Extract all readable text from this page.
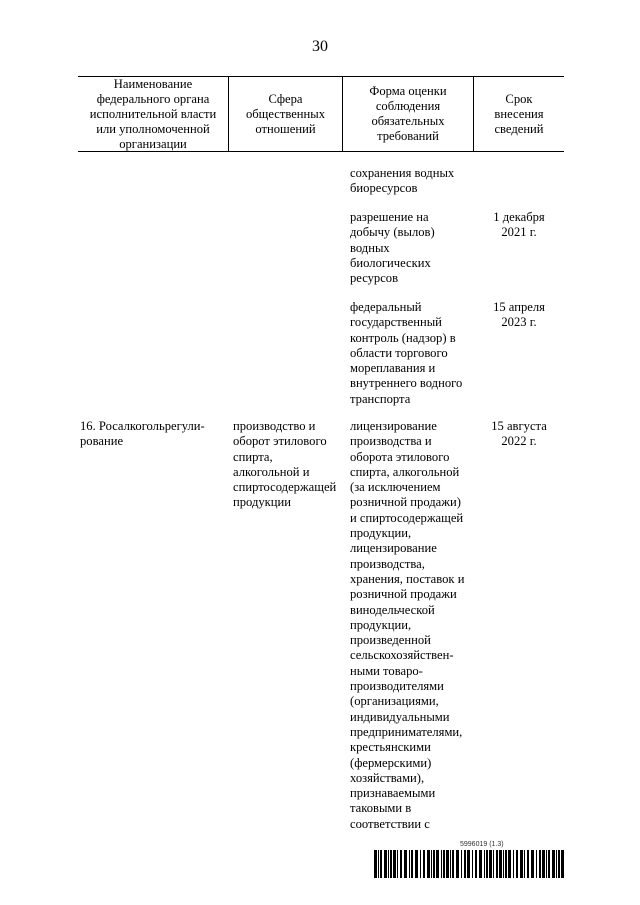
30
Наименование
федерального органа
исполнительной власти
или уполномоченной
организации
Сфера
общественных
отношений
Форма оценки
соблюдения
обязательных
требований
Срок
внесения
сведений
сохранения водных
биоресурсов
разрешение на
добычу (вылов)
водных
биологических
ресурсов
1 декабря
2021 г.
федеральный
государственный
контроль (надзор) в
области торгового
мореплавания и
внутреннего водного
транспорта
15 апреля
2023 г.
16. Росалкогольрегули-
рование
производство и
оборот этилового
спирта,
алкогольной и
спиртосодержащей
продукции
лицензирование
производства и
оборота этилового
спирта, алкогольной
(за исключением
розничной продажи)
и спиртосодержащей
продукции,
лицензирование
производства,
хранения, поставок и
розничной продажи
винодельческой
продукции,
произведенной
сельскохозяйствен-
ными товаро-
производителями
(организациями,
индивидуальными
предпринимателями,
крестьянскими
(фермерскими)
хозяйствами),
признаваемыми
таковыми в
соответствии с
15 августа
2022 г.
5996019 (1.3)
